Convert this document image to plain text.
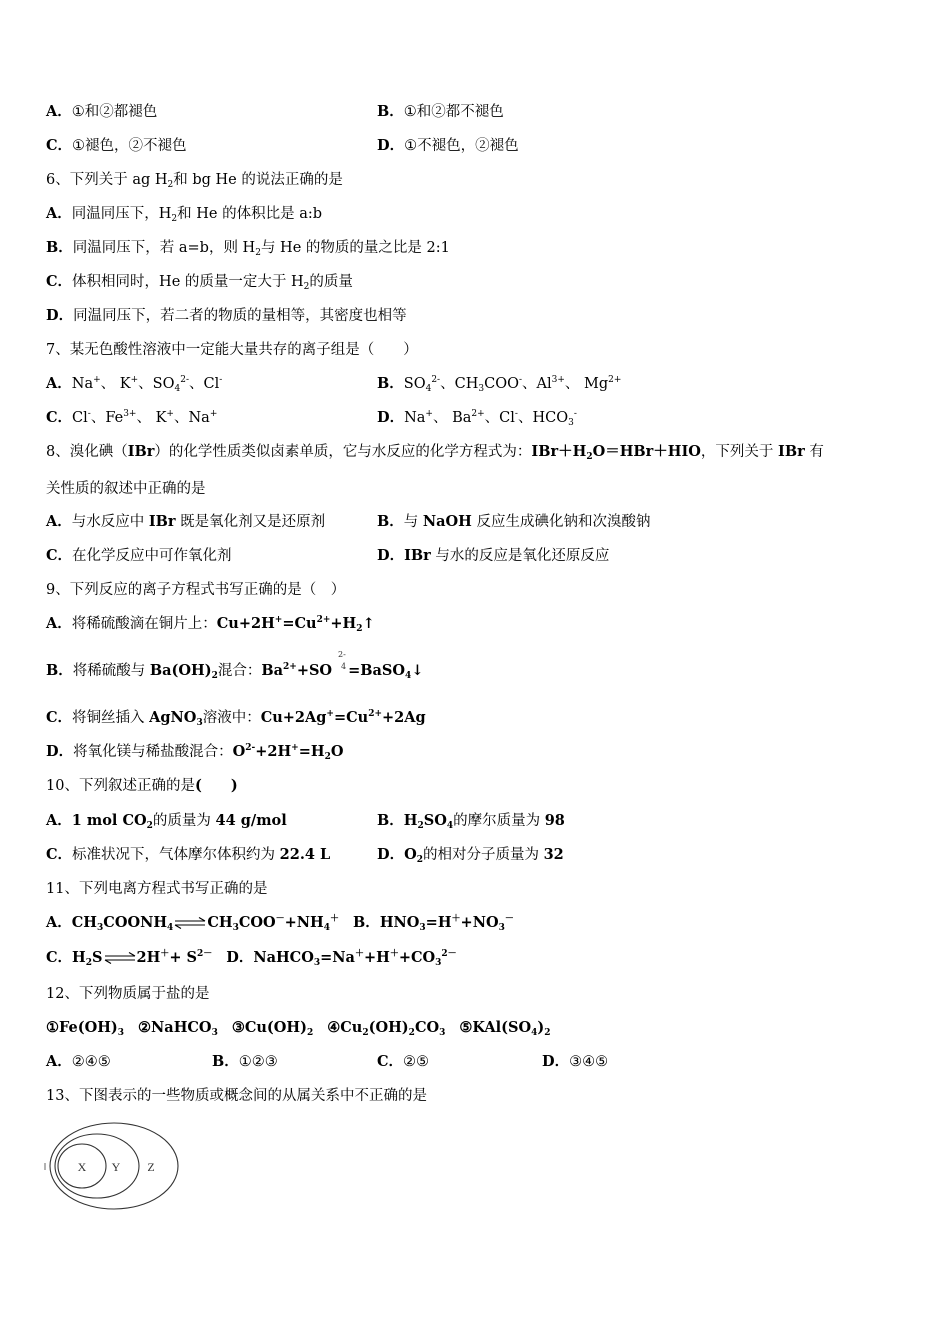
A．①和②都褪色	B．①和②都不褪色
C．①褪色，②不褪色	D．①不褪色，②褪色
6、下列关于 ag $H_2$和 bg He 的说法正确的是
A．同温同压下，$H_2$和 He 的体积比是 a:b
B．同温同压下，若 a=b，则 $H_2$与 He 的物质的量之比是 2:1
C．体积相同时，He 的质量一定大于 $H_2$的质量
D．同温同压下，若二者的物质的量相等，其密度也相等
7、某无色酸性溶液中一定能大量共存的离子组是（　　）
A．Na+、 K+、$SO_4^{2-}$、Cl-	B．$SO_4^{2-}$、$CH_3COO^-$、$Al^{3+}$、 $Mg^{2+}$
C．Cl-、$Fe^{3+}$、 K+、Na+	D．Na+、 $Ba^{2+}$、Cl-、$HCO_3^-$
8、溴化碘（IBr）的化学性质类似卤素单质，它与水反应的化学方程式为：$IBr+H_2O=HBr+HIO$，下列关于 IBr 有
关性质的叙述中正确的是
A．与水反应中 IBr 既是氧化剂又是还原剂	B．与 NaOH 反应生成碘化钠和次溴酸钠
C．在化学反应中可作氧化剂	D．IBr 与水的反应是氧化还原反应
9、下列反应的离子方程式书写正确的是（　）
A．将稀硫酸滴在铜片上：$Cu+2H^+=Cu^{2+}+H_2↑$
B．将稀硫酸与 $Ba(OH)_2$混合：$Ba^{2+}+SO$ =BaSO$_4$↓
2-
4
C．将铜丝插入 AgNO$_3$溶液中：$Cu+2Ag^+=Cu^{2+}+2Ag$
D．将氧化镁与稀盐酸混合：$O^{2-}+2H^+=H_2O$
10、下列叙述正确的是(　　)
A．1 mol $CO_2$的质量为 44 g/mol	B．$H_2SO_4$的摩尔质量为 98
C．标准状况下，气体摩尔体积约为 22.4 L	D．$O_2$的相对分子质量为 32
11、下列电离方程式书写正确的是
A．$CH_3COONH_4\rightleftharpoons CH_3COO^-+NH_4^+$ B．$HNO_3=H^++NO_3^-$
C．$H_2S\rightleftharpoons 2H^++ S^{2-}$ D．$NaHCO_3=Na^++H^++CO_3^{2-}$
12、下列物质属于盐的是
$①Fe(OH)_3$ ②NaHCO$_3$ $③Cu(OH)_2$ $④Cu_2(OH)_2CO_3$ $⑤KAl(SO_4)_2$
A．②④⑤	B．①②③	C．②⑤	D．③④⑤
13、下图表示的一些物质或概念间的从属关系中不正确的是
X Y Z
